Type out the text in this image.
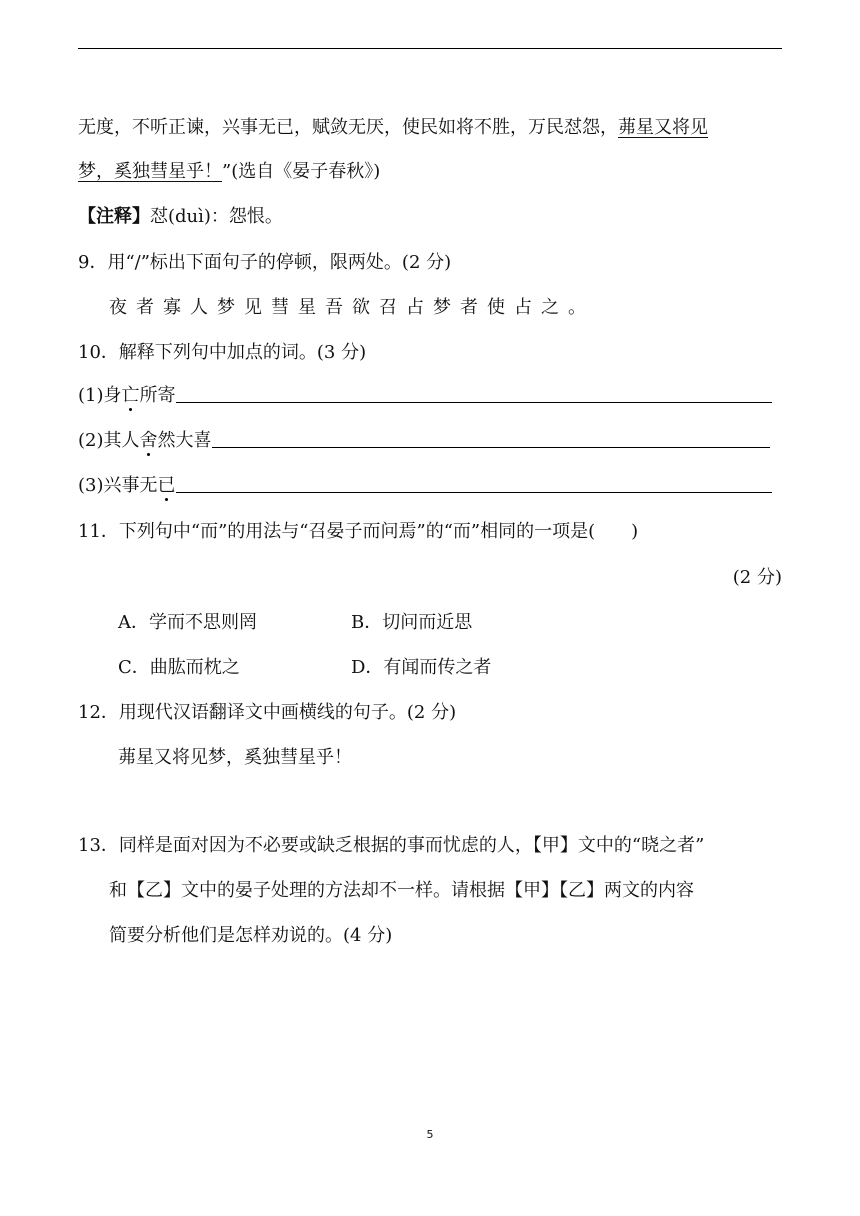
无度，不听正谏，兴事无已，赋敛无厌，使民如将不胜，万民怼怨，茀星又将见
梦，奚独彗星乎！”(选自《晏子春秋》)
【注释】怼(duì)：怨恨。
9．用“/”标出下面句子的停顿，限两处。(2 分)
夜者寡人梦见彗星吾欲召占梦者使占之。
10．解释下列句中加点的词。(3 分)
(1)身亡所寄
(2)其人舍然大喜
(3)兴事无已
11．下列句中“而”的用法与“召晏子而问焉”的“而”相同的一项是(　　)
(2 分)
A．学而不思则罔	B．切问而近思
C．曲肱而枕之	D．有闻而传之者
12．用现代汉语翻译文中画横线的句子。(2 分)
茀星又将见梦，奚独彗星乎！
13．同样是面对因为不必要或缺乏根据的事而忧虑的人，【甲】文中的“晓之者”
和【乙】文中的晏子处理的方法却不一样。请根据【甲】【乙】两文的内容
简要分析他们是怎样劝说的。(4 分)
5
